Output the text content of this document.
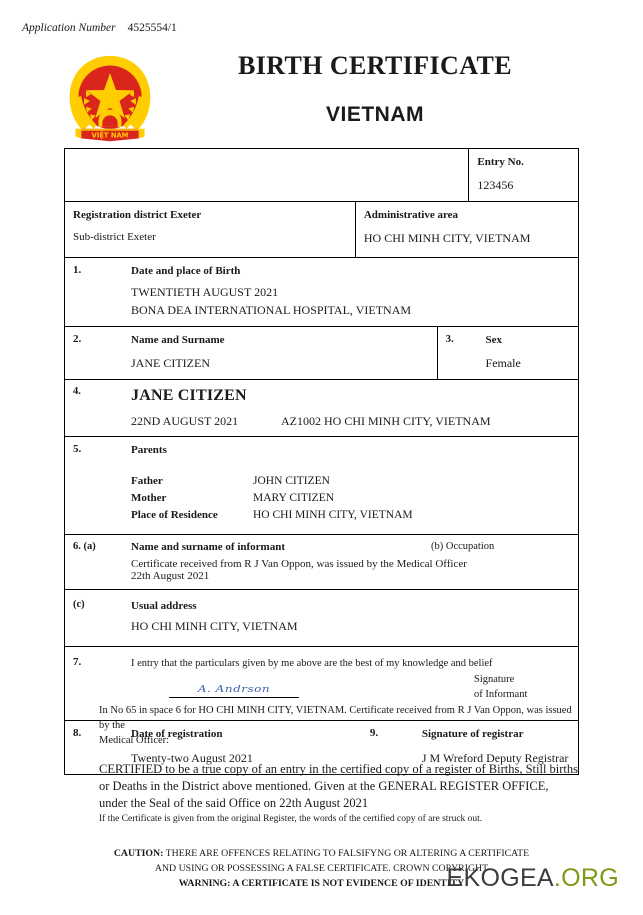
Application Number 4525554/1
VIỆT NAM
BIRTH CERTIFICATE
VIETNAM
Entry No.
123456
Registration district Exeter
Sub-district Exeter
Administrative area
HO CHI MINH CITY, VIETNAM
1.	Date and place of Birth
TWENTIETH AUGUST 2021
BONA DEA INTERNATIONAL HOSPITAL, VIETNAM
2.	Name and Surname
JANE CITIZEN
3.	Sex
Female
4.	JANE CITIZEN
22ND AUGUST 2021	AZ1002 HO CHI MINH CITY, VIETNAM
5.	Parents
Father	JOHN CITIZEN
Mother	MARY CITIZEN
Place of Residence	HO CHI MINH CITY, VIETNAM
6. (a)	Name and surname of informant	(b) Occupation
Certificate received from R J Van Oppon, was issued by the Medical Officer
22th August 2021
(c)	Usual address
HO CHI MINH CITY, VIETNAM
7.	I entry that the particulars given by me above are the best of my knowledge and belief
A. Andrson
Signature
of Informant
8.	Date of registration
Twenty-two August 2021
9.	Signature of registrar
J M Wreford Deputy Registrar
In No 65 in space 6 for HO CHI MINH CITY, VIETNAM. Certificate received from R J Van Oppon, was issued by the
Medical Officer:
CERTIFIED to be a true copy of an entry in the certified copy of a register of Births, Still births or Deaths in the District above mentioned. Given at the GENERAL REGISTER OFFICE, under the Seal of the said Office on 22th August 2021
If the Certificate is given from the original Register, the words of the certified copy of are struck out.
CAUTION: THERE ARE OFFENCES RELATING TO FALSIFYNG OR ALTERING A CERTIFICATE
AND USING OR POSSESSING A FALSE CERTIFICATE. CROWN COPYRIGHT
WARNING: A CERTIFICATE IS NOT EVIDENCE OF IDENTITY
EKOGEA.ORG
